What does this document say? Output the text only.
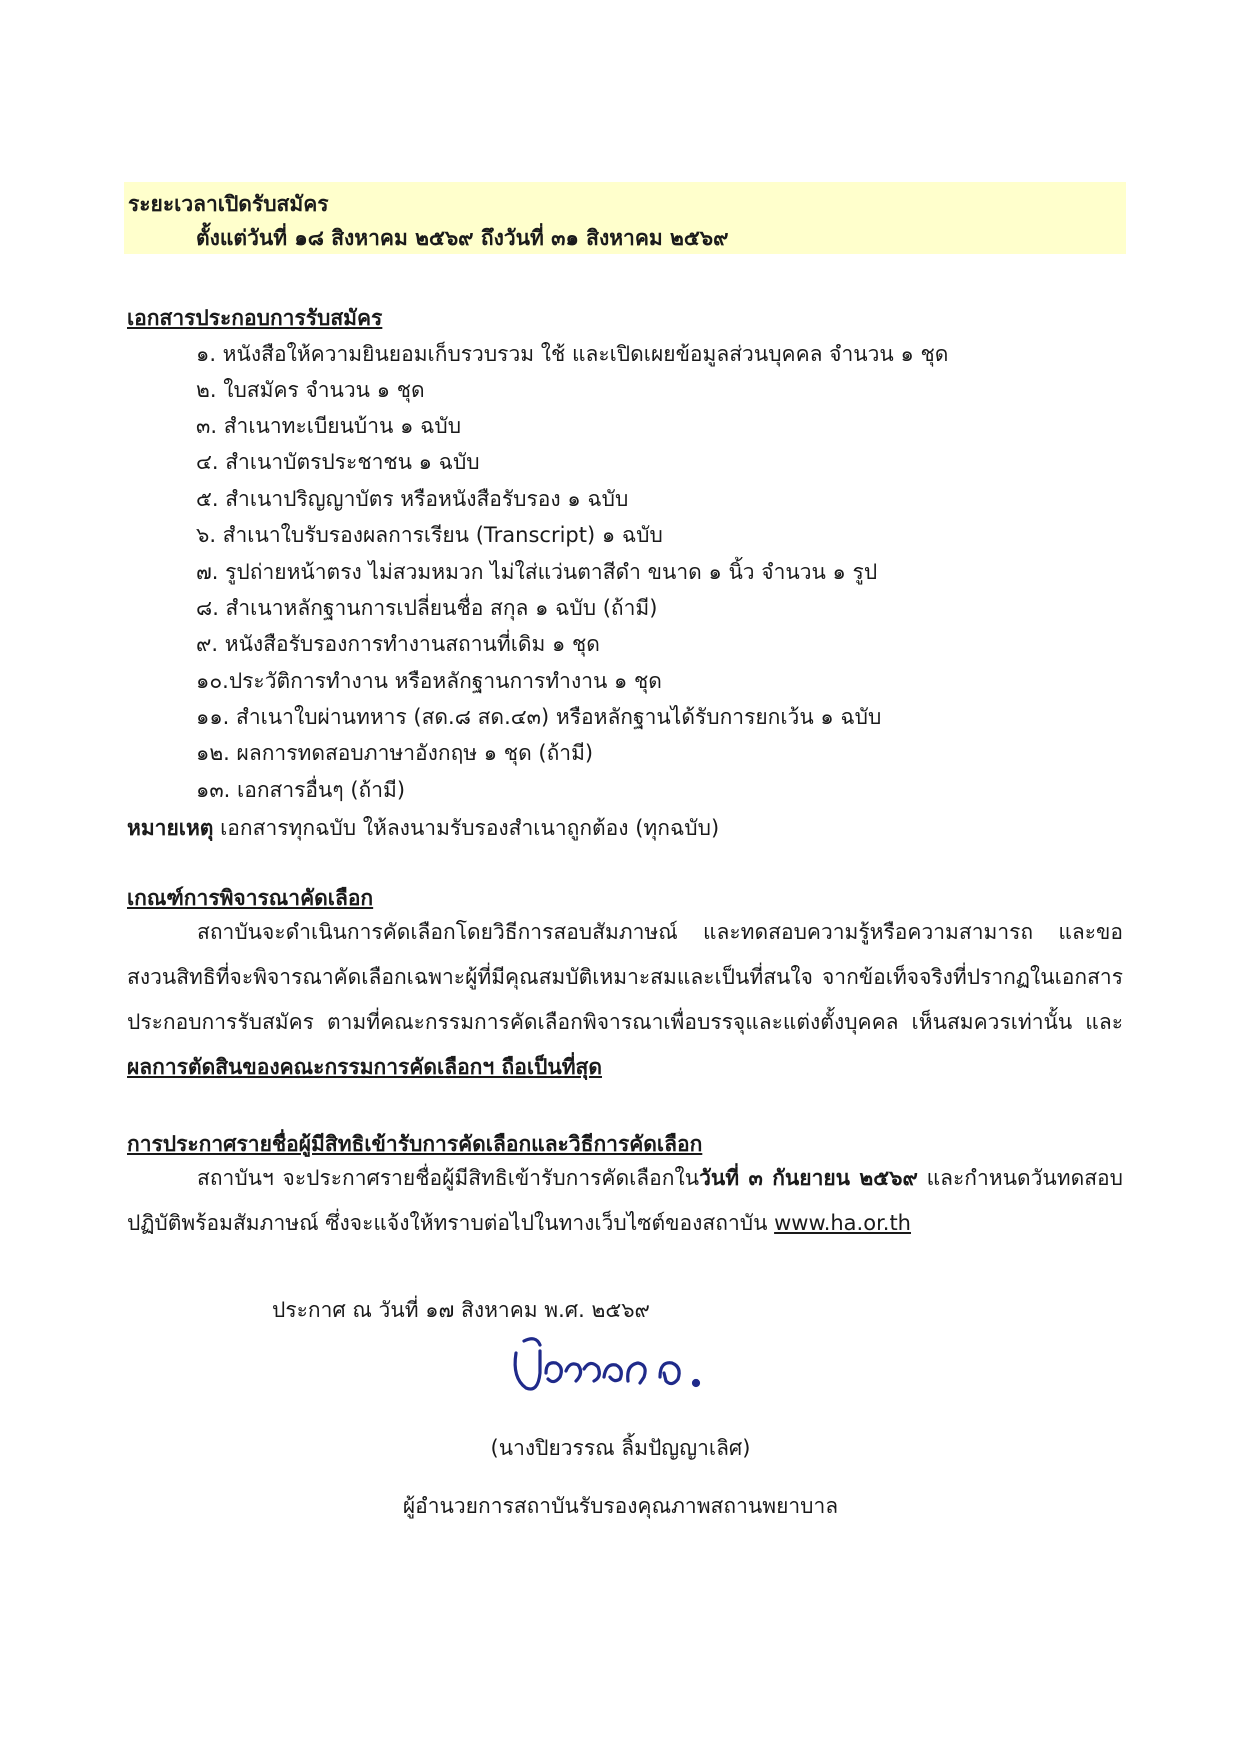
ระยะเวลาเปิดรับสมัคร
ตั้งแต่วันที่ ๑๘ สิงหาคม ๒๕๖๙ ถึงวันที่ ๓๑ สิงหาคม ๒๕๖๙
เอกสารประกอบการรับสมัคร
๑. หนังสือให้ความยินยอมเก็บรวบรวม ใช้ และเปิดเผยข้อมูลส่วนบุคคล จำนวน ๑ ชุด
๒. ใบสมัคร จำนวน ๑ ชุด
๓. สำเนาทะเบียนบ้าน ๑ ฉบับ
๔. สำเนาบัตรประชาชน ๑ ฉบับ
๕. สำเนาปริญญาบัตร หรือหนังสือรับรอง ๑ ฉบับ
๖. สำเนาใบรับรองผลการเรียน (Transcript) ๑ ฉบับ
๗. รูปถ่ายหน้าตรง ไม่สวมหมวก ไม่ใส่แว่นตาสีดำ ขนาด ๑ นิ้ว จำนวน ๑ รูป
๘. สำเนาหลักฐานการเปลี่ยนชื่อ สกุล ๑ ฉบับ (ถ้ามี)
๙. หนังสือรับรองการทำงานสถานที่เดิม ๑ ชุด
๑๐.ประวัติการทำงาน หรือหลักฐานการทำงาน ๑ ชุด
๑๑. สำเนาใบผ่านทหาร (สด.๘ สด.๔๓) หรือหลักฐานได้รับการยกเว้น ๑ ฉบับ
๑๒. ผลการทดสอบภาษาอังกฤษ ๑ ชุด (ถ้ามี)
๑๓. เอกสารอื่นๆ (ถ้ามี)
หมายเหตุ เอกสารทุกฉบับ ให้ลงนามรับรองสำเนาถูกต้อง (ทุกฉบับ)
เกณฑ์การพิจารณาคัดเลือก
สถาบันจะดำเนินการคัดเลือกโดยวิธีการสอบสัมภาษณ์ และทดสอบความรู้หรือความสามารถ และขอสงวนสิทธิที่จะพิจารณาคัดเลือกเฉพาะผู้ที่มีคุณสมบัติเหมาะสมและเป็นที่สนใจ จากข้อเท็จจริงที่ปรากฏในเอกสารประกอบการรับสมัคร ตามที่คณะกรรมการคัดเลือกพิจารณาเพื่อบรรจุและแต่งตั้งบุคคล เห็นสมควรเท่านั้น และผลการตัดสินของคณะกรรมการคัดเลือกฯ ถือเป็นที่สุด
การประกาศรายชื่อผู้มีสิทธิเข้ารับการคัดเลือกและวิธีการคัดเลือก
สถาบันฯ จะประกาศรายชื่อผู้มีสิทธิเข้ารับการคัดเลือกในวันที่ ๓ กันยายน ๒๕๖๙ และกำหนดวันทดสอบปฏิบัติพร้อมสัมภาษณ์ ซึ่งจะแจ้งให้ทราบต่อไปในทางเว็บไซต์ของสถาบัน www.ha.or.th
ประกาศ ณ วันที่ ๑๗ สิงหาคม พ.ศ. ๒๕๖๙
(นางปิยวรรณ ลิ้มปัญญาเลิศ)
ผู้อำนวยการสถาบันรับรองคุณภาพสถานพยาบาล
